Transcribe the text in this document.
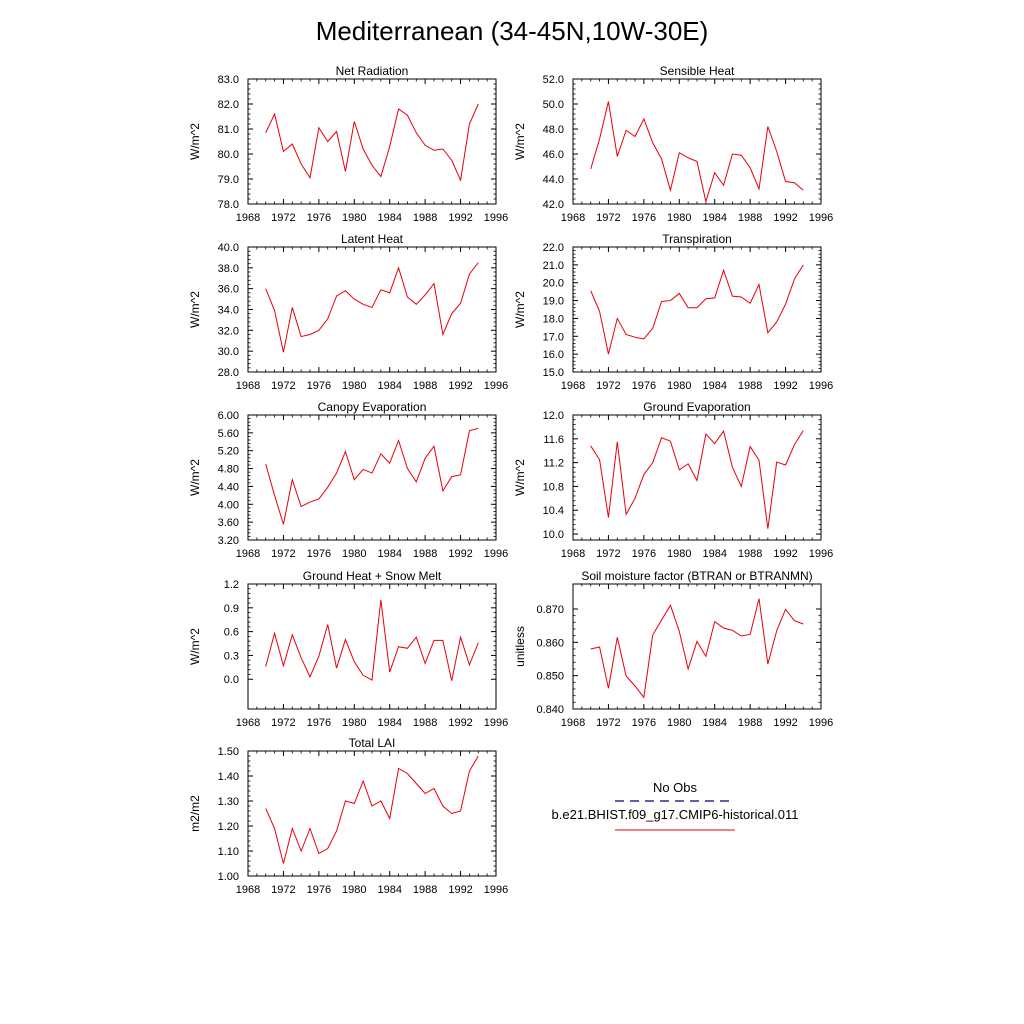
Mediterranean (34-45N,10W-30E)
Net Radiation
W/m^2
1968 1972 1976 1980 1984 1988 1992 1996
78.0
79.0
80.0
81.0
82.0
83.0
Sensible Heat
W/m^2
1968 1972 1976 1980 1984 1988 1992 1996
42.0
44.0
46.0
48.0
50.0
52.0
Latent Heat
W/m^2
1968 1972 1976 1980 1984 1988 1992 1996
28.0
30.0
32.0
34.0
36.0
38.0
40.0
Transpiration
W/m^2
1968 1972 1976 1980 1984 1988 1992 1996
15.0
16.0
17.0
18.0
19.0
20.0
21.0
22.0
Canopy Evaporation
W/m^2
1968 1972 1976 1980 1984 1988 1992 1996
3.20
3.60
4.00
4.40
4.80
5.20
5.60
6.00
Ground Evaporation
W/m^2
1968 1972 1976 1980 1984 1988 1992 1996
10.0
10.4
10.8
11.2
11.6
12.0
Ground Heat + Snow Melt
W/m^2
1968 1972 1976 1980 1984 1988 1992 1996
0.0
0.3
0.6
0.9
1.2
Soil moisture factor (BTRAN or BTRANMN)
unitless
1968 1972 1976 1980 1984 1988 1992 1996
0.840
0.850
0.860
0.870
Total LAI
m2/m2
1968 1972 1976 1980 1984 1988 1992 1996
1.00
1.10
1.20
1.30
1.40
1.50
No Obs
b.e21.BHIST.f09_g17.CMIP6-historical.011
